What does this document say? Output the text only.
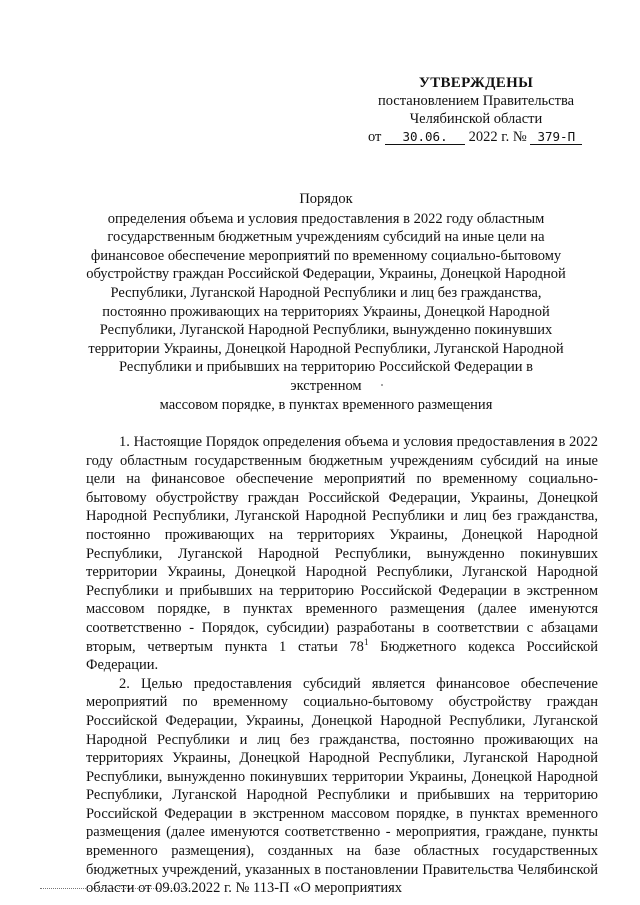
УТВЕРЖДЕНЫ
постановлением Правительства
Челябинской области
от 30.06. 2022 г. № 379-П

Порядок

определения объема и условия предоставления в 2022 году областным

государственным бюджетным учреждениям субсидий на иные цели на

финансовое обеспечение мероприятий по временному социально-бытовому

обустройству граждан Российской Федерации, Украины, Донецкой Народной

Республики, Луганской Народной Республики и лиц без гражданства,

постоянно проживающих на территориях Украины, Донецкой Народной

Республики, Луганской Народной Республики, вынужденно покинувших

территории Украины, Донецкой Народной Республики, Луганской Народной

Республики и прибывших на территорию Российской Федерации в экстренном

массовом порядке, в пунктах временного размещения

1. Настоящие Порядок определения объема и условия предоставления в 2022 году областным государственным бюджетным учреждениям субсидий на иные цели на финансовое обеспечение мероприятий по временному социально-бытовому обустройству граждан Российской Федерации, Украины, Донецкой Народной Республики, Луганской Народной Республики и лиц без гражданства, постоянно проживающих на территориях Украины, Донецкой Народной Республики, Луганской Народной Республики, вынужденно покинувших территории Украины, Донецкой Народной Республики, Луганской Народной Республики и прибывших на территорию Российской Федерации в экстренном массовом порядке, в пунктах временного размещения (далее именуются соответственно - Порядок, субсидии) разработаны в соответствии с абзацами вторым, четвертым пункта 1 статьи $78^1$ Бюджетного кодекса Российской Федерации.

2. Целью предоставления субсидий является финансовое обеспечение мероприятий по временному социально-бытовому обустройству граждан Российской Федерации, Украины, Донецкой Народной Республики, Луганской Народной Республики и лиц без гражданства, постоянно проживающих на территориях Украины, Донецкой Народной Республики, Луганской Народной Республики, вынужденно покинувших территории Украины, Донецкой Народной Республики, Луганской Народной Республики и прибывших на территорию Российской Федерации в экстренном массовом порядке, в пунктах временного размещения (далее именуются соответственно - мероприятия, граждане, пункты временного размещения), созданных на базе областных государственных бюджетных учреждений, указанных в постановлении Правительства Челябинской области от 09.03.2022 г. № 113-П «О мероприятиях
